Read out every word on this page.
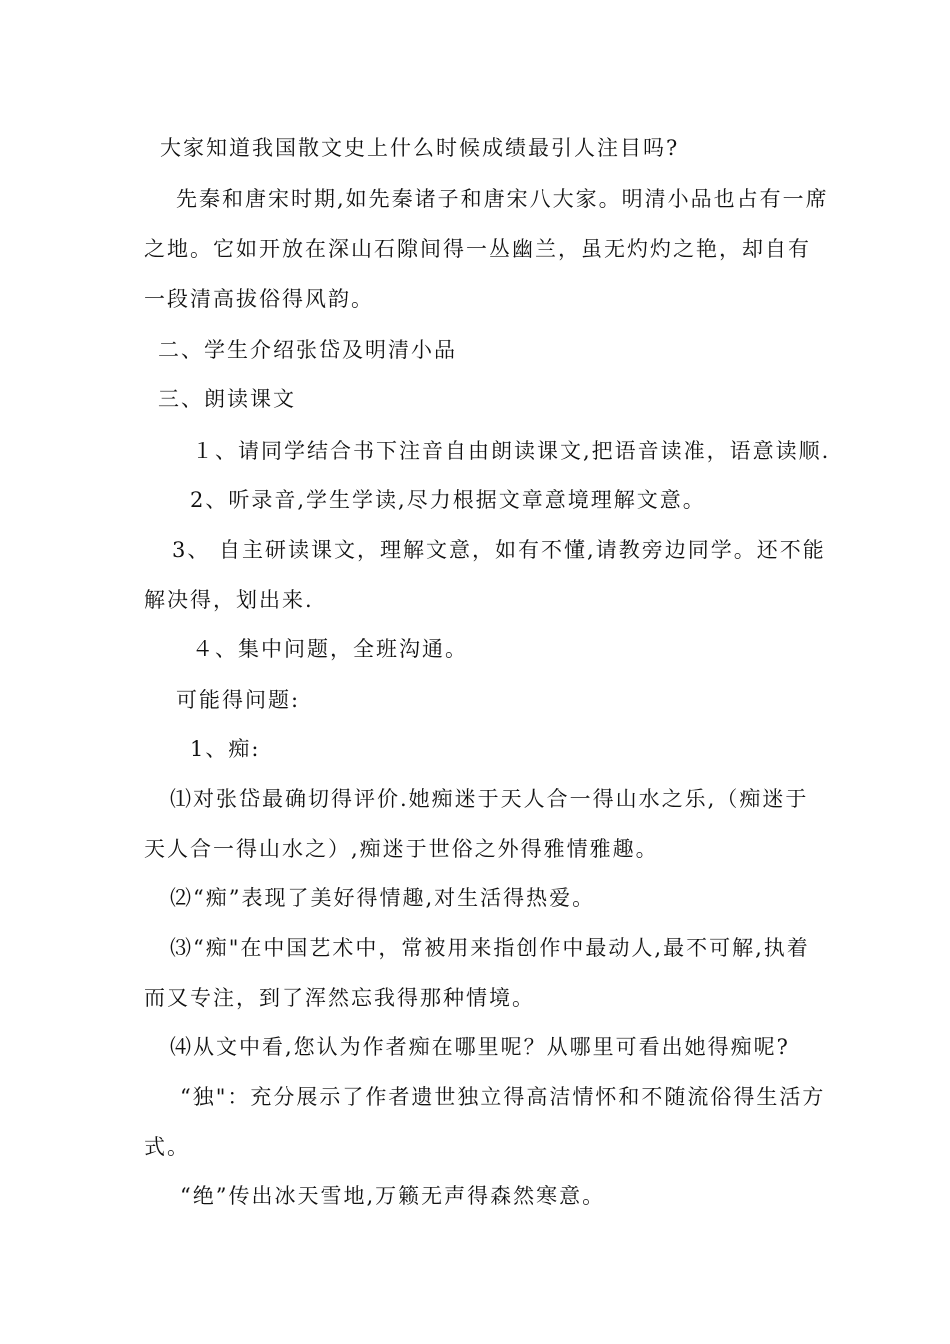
大家知道我国散文史上什么时候成绩最引人注目吗?
先秦和唐宋时期,如先秦诸子和唐宋八大家。明清小品也占有一席
之地。它如开放在深山石隙间得一丛幽兰，虽无灼灼之艳，却自有
一段清高拔俗得风韵。
二、学生介绍张岱及明清小品
三、朗读课文
１、请同学结合书下注音自由朗读课文,把语音读准，语意读顺.
2、听录音,学生学读,尽力根据文章意境理解文意。
3、 自主研读课文，理解文意，如有不懂,请教旁边同学。还不能
解决得，划出来.
４、集中问题，全班沟通。
可能得问题:
1、痴:
⑴对张岱最确切得评价.她痴迷于天人合一得山水之乐,（痴迷于
天人合一得山水之）,痴迷于世俗之外得雅情雅趣。
⑵“痴”表现了美好得情趣,对生活得热爱。
⑶“痴"在中国艺术中，常被用来指创作中最动人,最不可解,执着
而又专注，到了浑然忘我得那种情境。
⑷从文中看,您认为作者痴在哪里呢？从哪里可看出她得痴呢?
“独"：充分展示了作者遗世独立得高洁情怀和不随流俗得生活方
式。
“绝”传出冰天雪地,万籁无声得森然寒意。
